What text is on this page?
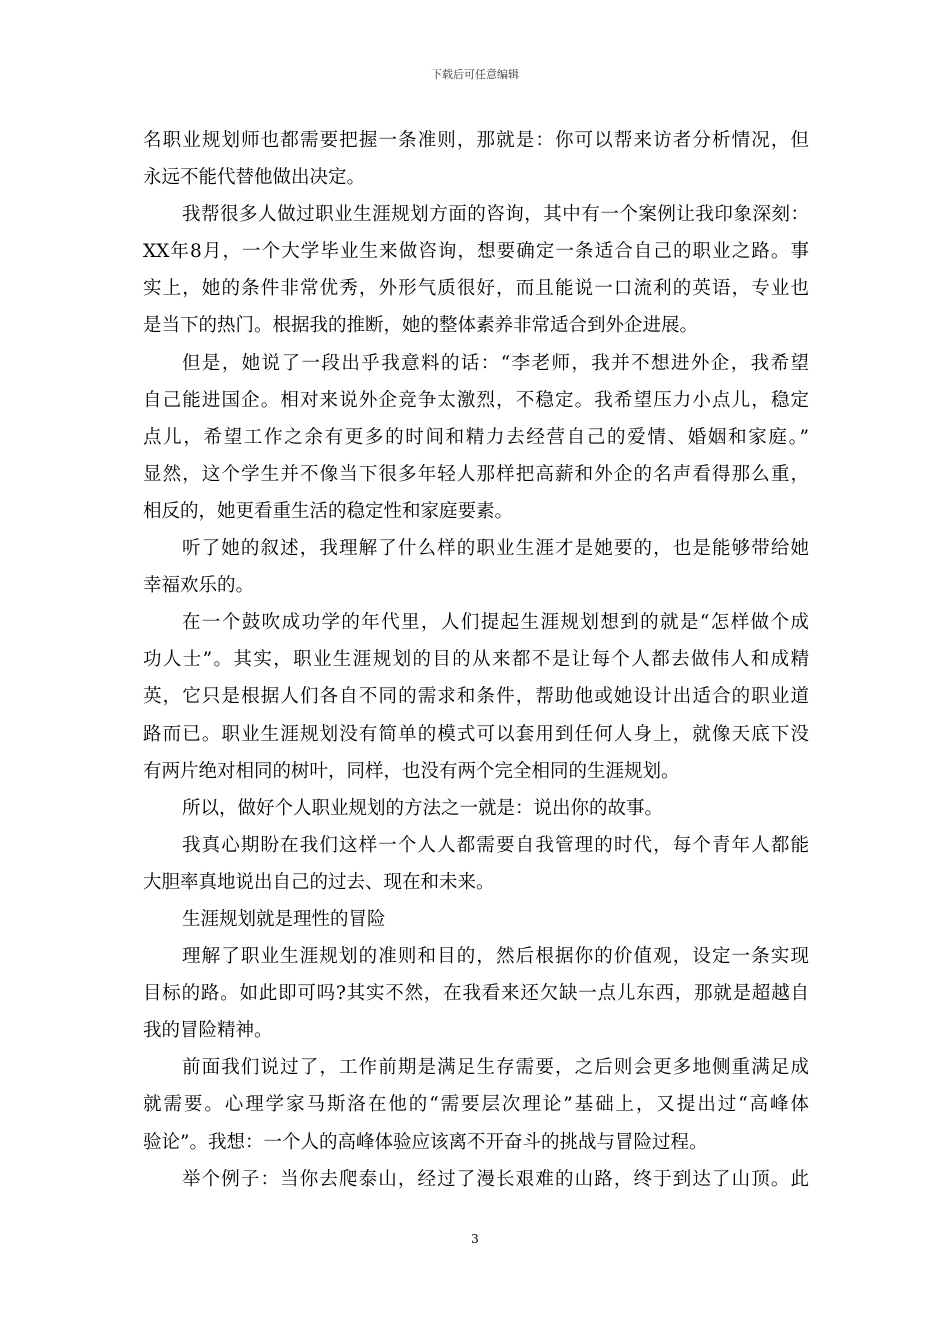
下载后可任意编辑
名职业规划师也都需要把握一条准则，那就是：你可以帮来访者分析情况，但
永远不能代替他做出决定。
我帮很多人做过职业生涯规划方面的咨询，其中有一个案例让我印象深刻：
XX年8月，一个大学毕业生来做咨询，想要确定一条适合自己的职业之路。事
实上，她的条件非常优秀，外形气质很好，而且能说一口流利的英语，专业也
是当下的热门。根据我的推断，她的整体素养非常适合到外企进展。
但是，她说了一段出乎我意料的话：“李老师，我并不想进外企，我希望
自己能进国企。相对来说外企竞争太激烈，不稳定。我希望压力小点儿，稳定
点儿，希望工作之余有更多的时间和精力去经营自己的爱情、婚姻和家庭。”
显然，这个学生并不像当下很多年轻人那样把高薪和外企的名声看得那么重，
相反的，她更看重生活的稳定性和家庭要素。
听了她的叙述，我理解了什么样的职业生涯才是她要的，也是能够带给她
幸福欢乐的。
在一个鼓吹成功学的年代里，人们提起生涯规划想到的就是“怎样做个成
功人士”。其实，职业生涯规划的目的从来都不是让每个人都去做伟人和成精
英，它只是根据人们各自不同的需求和条件，帮助他或她设计出适合的职业道
路而已。职业生涯规划没有简单的模式可以套用到任何人身上，就像天底下没
有两片绝对相同的树叶，同样，也没有两个完全相同的生涯规划。
所以，做好个人职业规划的方法之一就是：说出你的故事。
我真心期盼在我们这样一个人人都需要自我管理的时代，每个青年人都能
大胆率真地说出自己的过去、现在和未来。
生涯规划就是理性的冒险
理解了职业生涯规划的准则和目的，然后根据你的价值观，设定一条实现
目标的路。如此即可吗?其实不然，在我看来还欠缺一点儿东西，那就是超越自
我的冒险精神。
前面我们说过了，工作前期是满足生存需要，之后则会更多地侧重满足成
就需要。心理学家马斯洛在他的“需要层次理论”基础上，又提出过“高峰体
验论”。我想：一个人的高峰体验应该离不开奋斗的挑战与冒险过程。
举个例子：当你去爬泰山，经过了漫长艰难的山路，终于到达了山顶。此
3
